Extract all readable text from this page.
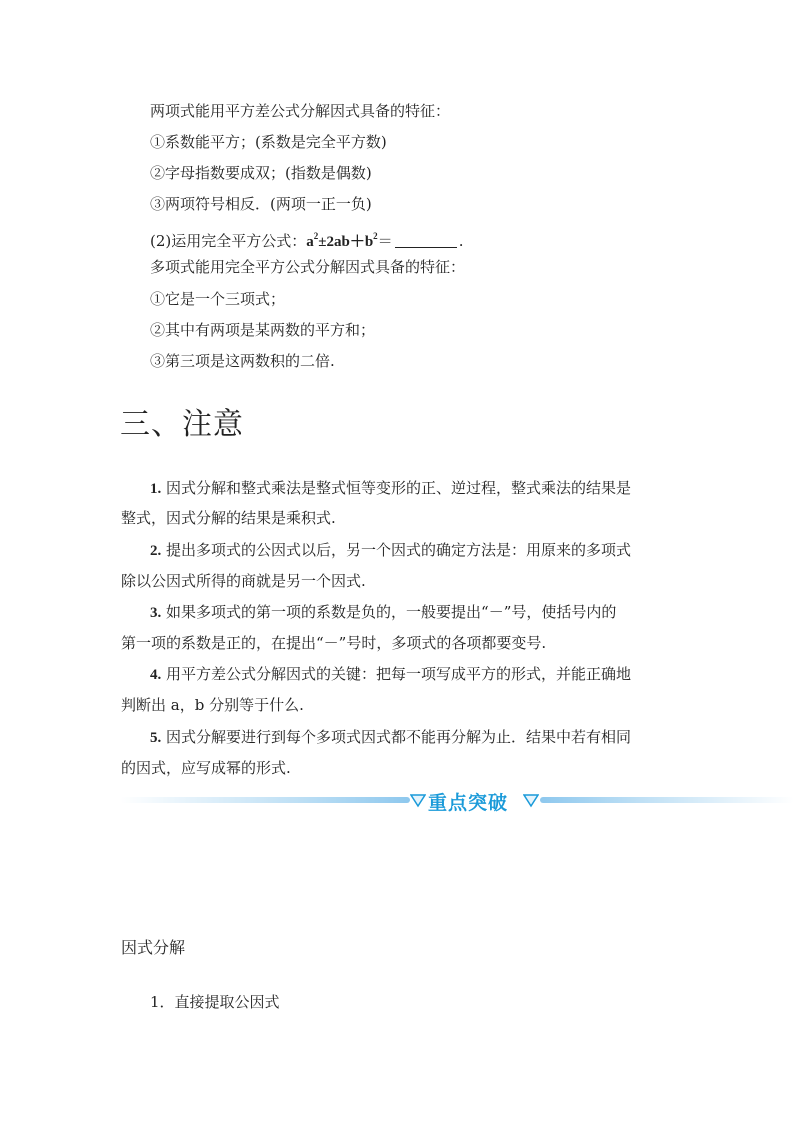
两项式能用平方差公式分解因式具备的特征：
①系数能平方；(系数是完全平方数)
②字母指数要成双；(指数是偶数)
③两项符号相反．(两项一正一负)
(2)运用完全平方公式：$a^2\pm 2ab+b^2=$	.
多项式能用完全平方公式分解因式具备的特征：
①它是一个三项式；
②其中有两项是某两数的平方和；
③第三项是这两数积的二倍.
三、注意
1. 因式分解和整式乘法是整式恒等变形的正、逆过程，整式乘法的结果是
整式，因式分解的结果是乘积式.
2. 提出多项式的公因式以后，另一个因式的确定方法是：用原来的多项式
除以公因式所得的商就是另一个因式.
3. 如果多项式的第一项的系数是负的，一般要提出“－”号，使括号内的
第一项的系数是正的，在提出“－”号时，多项式的各项都要变号.
4. 用平方差公式分解因式的关键：把每一项写成平方的形式，并能正确地
判断出 a，b 分别等于什么.
5. 因式分解要进行到每个多项式因式都不能再分解为止．结果中若有相同
的因式，应写成幂的形式.
重点突破
因式分解
1．直接提取公因式
